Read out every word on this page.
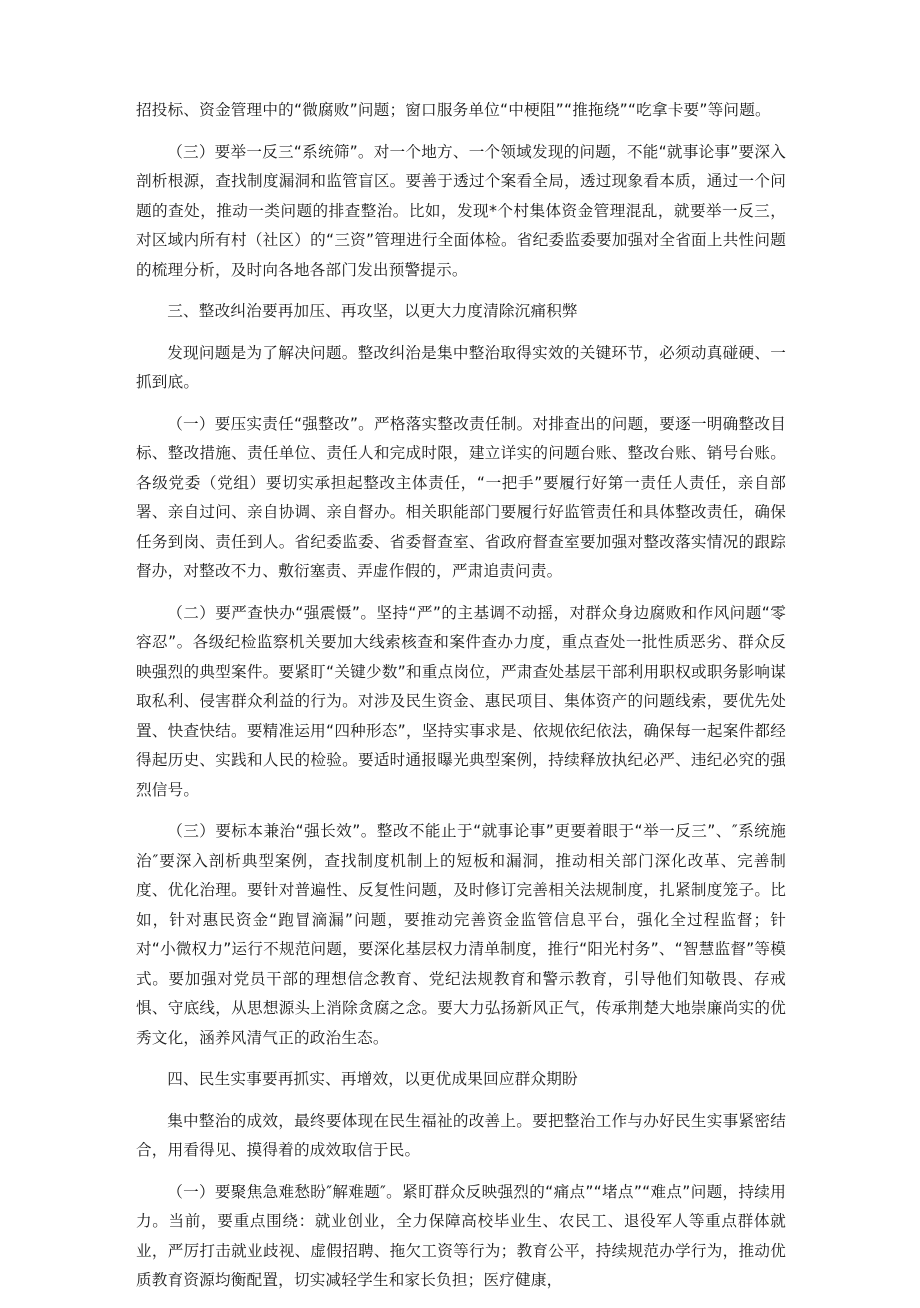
招投标、资金管理中的“微腐败”问题；窗口服务单位“中梗阻”“推拖绕”“吃拿卡要”等问题。

（三）要举一反三“系统筛”。对一个地方、一个领域发现的问题，不能“就事论事”要深入剖析根源，查找制度漏洞和监管盲区。要善于透过个案看全局，透过现象看本质，通过一个问题的查处，推动一类问题的排查整治。比如，发现*个村集体资金管理混乱，就要举一反三，对区域内所有村（社区）的“三资”管理进行全面体检。省纪委监委要加强对全省面上共性问题的梳理分析，及时向各地各部门发出预警提示。

三、整改纠治要再加压、再攻坚，以更大力度清除沉痛积弊

发现问题是为了解决问题。整改纠治是集中整治取得实效的关键环节，必须动真碰硬、一抓到底。

（一）要压实责任“强整改”。严格落实整改责任制。对排查出的问题，要逐一明确整改目标、整改措施、责任单位、责任人和完成时限，建立详实的问题台账、整改台账、销号台账。各级党委（党组）要切实承担起整改主体责任，“一把手”要履行好第一责任人责任，亲自部署、亲自过问、亲自协调、亲自督办。相关职能部门要履行好监管责任和具体整改责任，确保任务到岗、责任到人。省纪委监委、省委督查室、省政府督查室要加强对整改落实情况的跟踪督办，对整改不力、敷衍塞责、弄虚作假的，严肃追责问责。

（二）要严查快办“强震慑”。坚持“严”的主基调不动摇，对群众身边腐败和作风问题“零容忍”。各级纪检监察机关要加大线索核查和案件查办力度，重点查处一批性质恶劣、群众反映强烈的典型案件。要紧盯“关键少数”和重点岗位，严肃查处基层干部利用职权或职务影响谋取私利、侵害群众利益的行为。对涉及民生资金、惠民项目、集体资产的问题线索，要优先处置、快查快结。要精准运用“四种形态”，坚持实事求是、依规依纪依法，确保每一起案件都经得起历史、实践和人民的检验。要适时通报曝光典型案例，持续释放执纪必严、违纪必究的强烈信号。

（三）要标本兼治“强长效”。整改不能止于“就事论事”更要着眼于“举一反三”、″系统施治″要深入剖析典型案例，查找制度机制上的短板和漏洞，推动相关部门深化改革、完善制度、优化治理。要针对普遍性、反复性问题，及时修订完善相关法规制度，扎紧制度笼子。比如，针对惠民资金“跑冒滴漏”问题，要推动完善资金监管信息平台，强化全过程监督；针对“小微权力”运行不规范问题，要深化基层权力清单制度，推行“阳光村务”、“智慧监督”等模式。要加强对党员干部的理想信念教育、党纪法规教育和警示教育，引导他们知敬畏、存戒惧、守底线，从思想源头上消除贪腐之念。要大力弘扬新风正气，传承荆楚大地崇廉尚实的优秀文化，涵养风清气正的政治生态。

四、民生实事要再抓实、再增效，以更优成果回应群众期盼

集中整治的成效，最终要体现在民生福祉的改善上。要把整治工作与办好民生实事紧密结合，用看得见、摸得着的成效取信于民。

（一）要聚焦急难愁盼″解难题″。紧盯群众反映强烈的“痛点”“堵点”“难点”问题，持续用力。当前，要重点围绕：就业创业，全力保障高校毕业生、农民工、退役军人等重点群体就业，严厉打击就业歧视、虚假招聘、拖欠工资等行为；教育公平，持续规范办学行为，推动优质教育资源均衡配置，切实减轻学生和家长负担；医疗健康，
